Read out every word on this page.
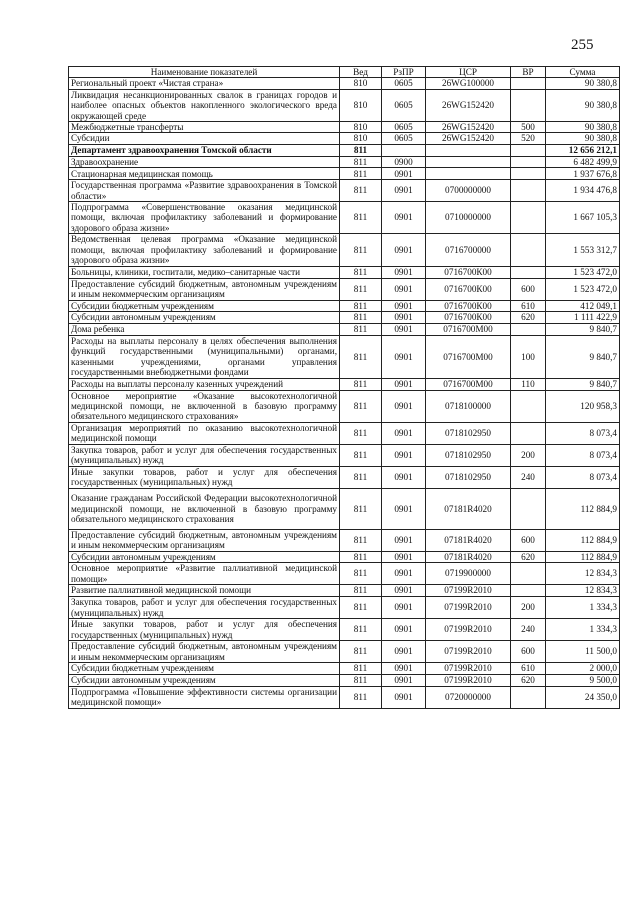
255
Наименование показателей	Вед	РзПР	ЦСР	ВР	Сумма
Региональный проект «Чистая страна»	810	0605	26WG100000		90 380,8
Ликвидация несанкционированных свалок в границах городов и наиболее опасных объектов накопленного экологического вреда окружающей среде	810	0605	26WG152420		90 380,8
Межбюджетные трансферты	810	0605	26WG152420	500	90 380,8
Субсидии	810	0605	26WG152420	520	90 380,8
Департамент здравоохранения Томской области	811				12 656 212,1
Здравоохранение	811	0900			6 482 499,9
Стационарная медицинская помощь	811	0901			1 937 676,8
Государственная программа «Развитие здравоохранения в Томской области»	811	0901	0700000000		1 934 476,8
Подпрограмма «Совершенствование оказания медицинской помощи, включая профилактику заболеваний и формирование здорового образа жизни»	811	0901	0710000000		1 667 105,3
Ведомственная целевая программа «Оказание медицинской помощи, включая профилактику заболеваний и формирование здорового образа жизни»	811	0901	0716700000		1 553 312,7
Больницы, клиники, госпитали, медико–санитарные части	811	0901	0716700К00		1 523 472,0
Предоставление субсидий бюджетным, автономным учреждениям и иным некоммерческим организациям	811	0901	0716700К00	600	1 523 472,0
Субсидии бюджетным учреждениям	811	0901	0716700К00	610	412 049,1
Субсидии автономным учреждениям	811	0901	0716700К00	620	1 111 422,9
Дома ребенка	811	0901	0716700М00		9 840,7
Расходы на выплаты персоналу в целях обеспечения выполнения функций государственными (муниципальными) органами, казенными учреждениями, органами управления государственными внебюджетными фондами	811	0901	0716700М00	100	9 840,7
Расходы на выплаты персоналу казенных учреждений	811	0901	0716700М00	110	9 840,7
Основное мероприятие «Оказание высокотехнологичной медицинской помощи, не включенной в базовую программу обязательного медицинского страхования»	811	0901	0718100000		120 958,3
Организация мероприятий по оказанию высокотехнологичной медицинской помощи	811	0901	0718102950		8 073,4
Закупка товаров, работ и услуг для обеспечения государственных (муниципальных) нужд	811	0901	0718102950	200	8 073,4
Иные закупки товаров, работ и услуг для обеспечения государственных (муниципальных) нужд	811	0901	0718102950	240	8 073,4
Оказание гражданам Российской Федерации высокотехнологичной медицинской помощи, не включенной в базовую программу обязательного медицинского страхования	811	0901	07181R4020		112 884,9
Предоставление субсидий бюджетным, автономным учреждениям и иным некоммерческим организациям	811	0901	07181R4020	600	112 884,9
Субсидии автономным учреждениям	811	0901	07181R4020	620	112 884,9
Основное мероприятие «Развитие паллиативной медицинской помощи»	811	0901	0719900000		12 834,3
Развитие паллиативной медицинской помощи	811	0901	07199R2010		12 834,3
Закупка товаров, работ и услуг для обеспечения государственных (муниципальных) нужд	811	0901	07199R2010	200	1 334,3
Иные закупки товаров, работ и услуг для обеспечения государственных (муниципальных) нужд	811	0901	07199R2010	240	1 334,3
Предоставление субсидий бюджетным, автономным учреждениям и иным некоммерческим организациям	811	0901	07199R2010	600	11 500,0
Субсидии бюджетным учреждениям	811	0901	07199R2010	610	2 000,0
Субсидии автономным учреждениям	811	0901	07199R2010	620	9 500,0
Подпрограмма «Повышение эффективности системы организации медицинской помощи»	811	0901	0720000000		24 350,0
